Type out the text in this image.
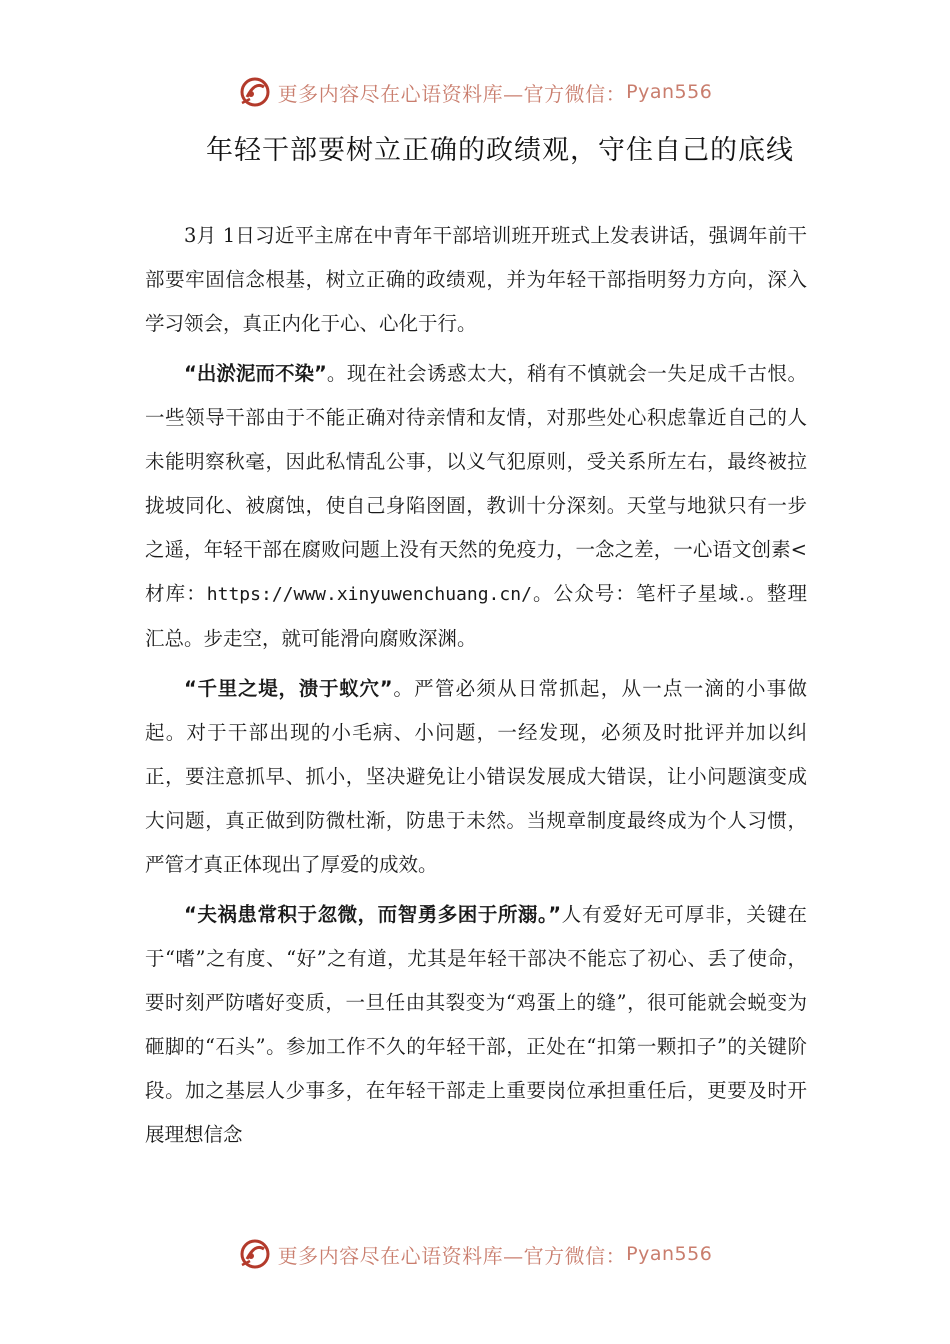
更多内容尽在心语资料库—官方微信： Pyan556
年轻干部要树立正确的政绩观，守住自己的底线

3月 1日习近平主席在中青年干部培训班开班式上发表讲话，强调年前干部要牢固信念根基，树立正确的政绩观，并为年轻干部指明努力方向，深入学习领会，真正内化于心、心化于行。

“出淤泥而不染”。现在社会诱惑太大，稍有不慎就会一失足成千古恨。一些领导干部由于不能正确对待亲情和友情，对那些处心积虑靠近自己的人未能明察秋毫，因此私情乱公事，以义气犯原则，受关系所左右，最终被拉拢坡同化、被腐蚀，使自己身陷囹圄，教训十分深刻。天堂与地狱只有一步之遥，年轻干部在腐败问题上没有天然的免疫力，一念之差，一心语文创素<材库：https://www.xinyuwenchuang.cn/。公众号：笔杆子星域.。整理汇总。步走空，就可能滑向腐败深渊。

“千里之堤，溃于蚁穴”。严管必须从日常抓起，从一点一滴的小事做起。对于干部出现的小毛病、小问题，一经发现，必须及时批评并加以纠正，要注意抓早、抓小，坚决避免让小错误发展成大错误，让小问题演变成大问题，真正做到防微杜渐，防患于未然。当规章制度最终成为个人习惯，严管才真正体现出了厚爱的成效。

“夫祸患常积于忽微，而智勇多困于所溺。”人有爱好无可厚非，关键在于“嗜”之有度、“好”之有道，尤其是年轻干部决不能忘了初心、丢了使命，要时刻严防嗜好变质，一旦任由其裂变为“鸡蛋上的缝”，很可能就会蜕变为砸脚的“石头”。参加工作不久的年轻干部，正处在“扣第一颗扣子”的关键阶段。加之基层人少事多，在年轻干部走上重要岗位承担重任后，更要及时开展理想信念

更多内容尽在心语资料库—官方微信： Pyan556
